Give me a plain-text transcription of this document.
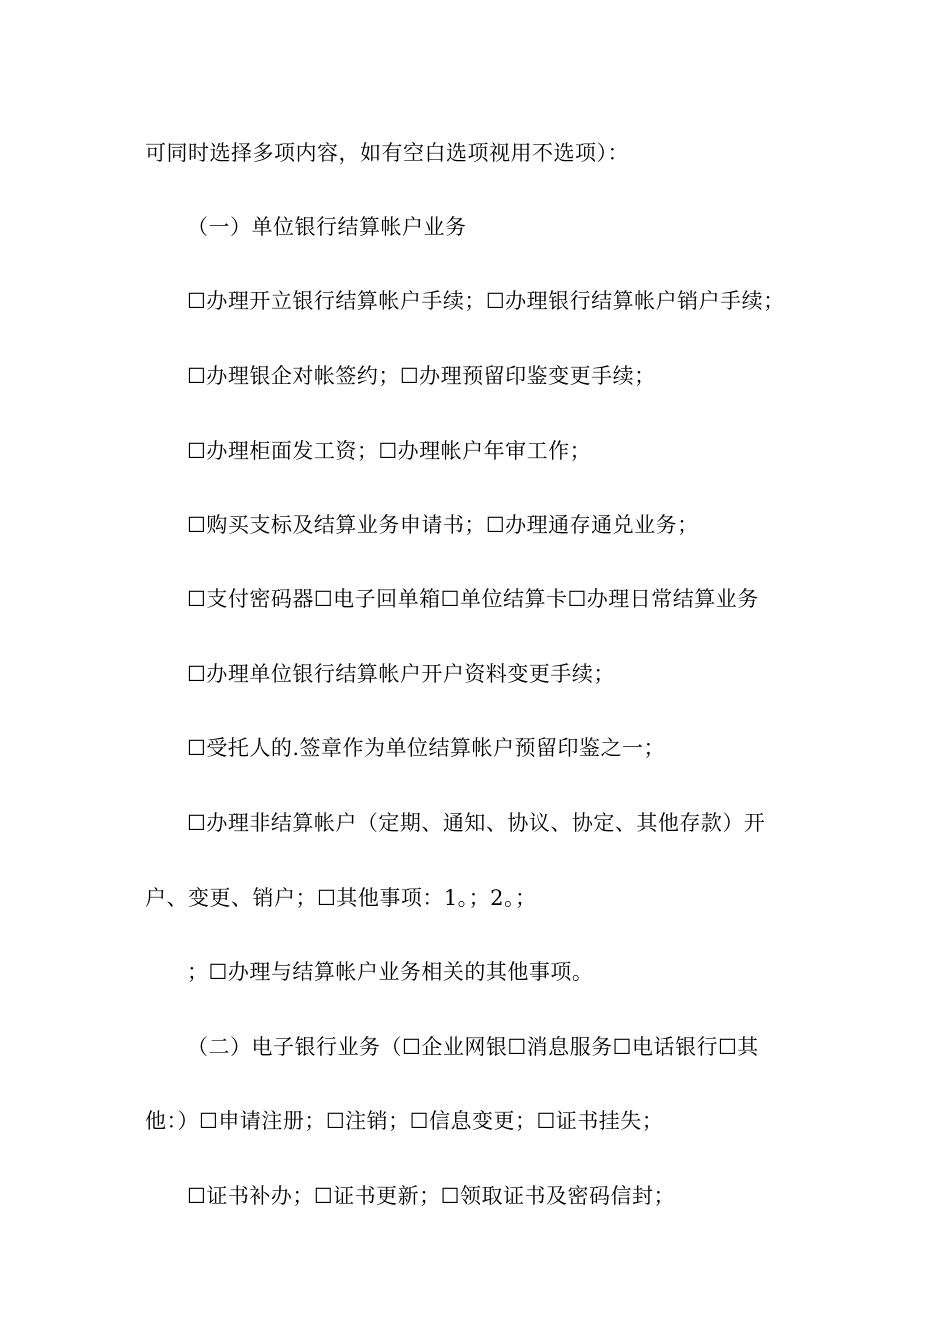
可同时选择多项内容，如有空白选项视用不选项）：
（一）单位银行结算帐户业务
☐办理开立银行结算帐户手续；☐办理银行结算帐户销户手续；
☐办理银企对帐签约；☐办理预留印鉴变更手续；
☐办理柜面发工资；☐办理帐户年审工作；
☐购买支标及结算业务申请书；☐办理通存通兑业务；
☐支付密码器☐电子回单箱☐单位结算卡☐办理日常结算业务
☐办理单位银行结算帐户开户资料变更手续；
☐受托人的.签章作为单位结算帐户预留印鉴之一；
☐办理非结算帐户（定期、通知、协议、协定、其他存款）开
户、变更、销户；☐其他事项：1。；2。；
；☐办理与结算帐户业务相关的其他事项。
（二）电子银行业务（☐企业网银☐消息服务☐电话银行☐其
他：）☐申请注册；☐注销；☐信息变更；☐证书挂失；
☐证书补办；☐证书更新；☐领取证书及密码信封；
